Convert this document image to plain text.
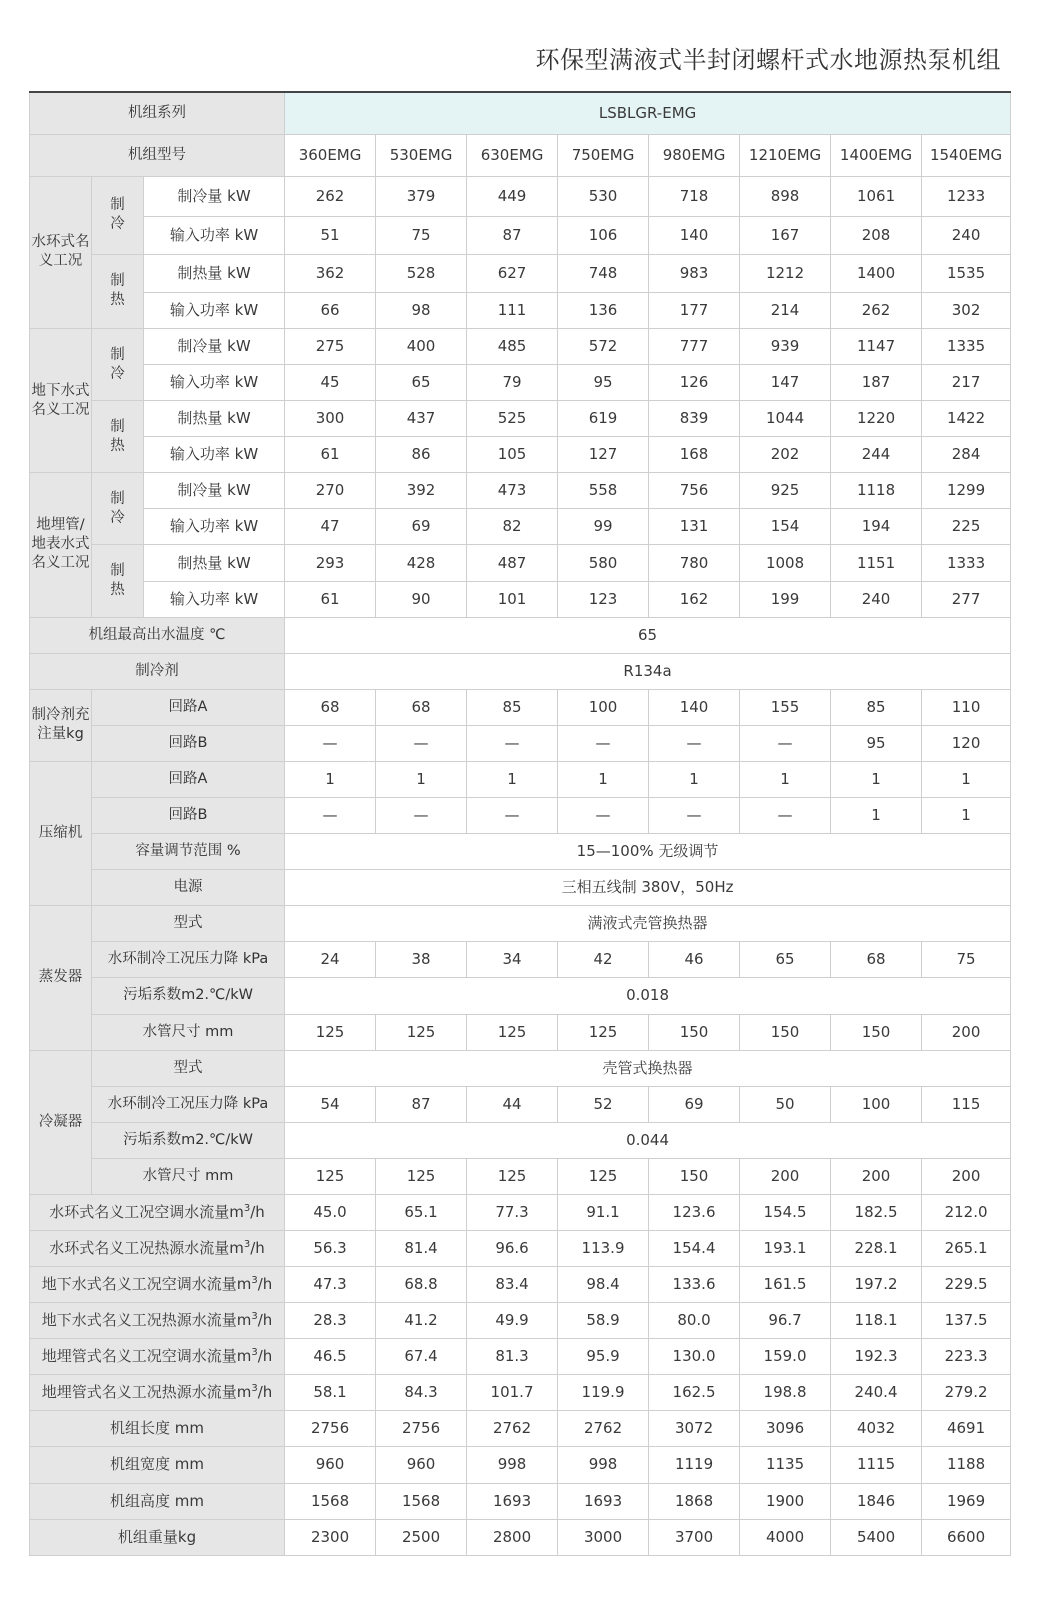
环保型满液式半封闭螺杆式水地源热泵机组
机组系列			LSBLGR-EMG							
机组型号			360EMG	530EMG	630EMG	750EMG	980EMG	1210EMG	1400EMG	1540EMG

水环式名
义工况	制
冷	制冷量 kW	262	379	449	530	718	898	1061	1233
		输入功率 kW	51	75	87	106	140	167	208	240

	制
热	制热量 kW	362	528	627	748	983	1212	1400	1535
		输入功率 kW	66	98	111	136	177	214	262	302

地下水式
名义工况	制
冷	制冷量 kW	275	400	485	572	777	939	1147	1335
		输入功率 kW	45	65	79	95	126	147	187	217

	制
热	制热量 kW	300	437	525	619	839	1044	1220	1422
		输入功率 kW	61	86	105	127	168	202	244	284

地埋管/
地表水式
名义工况	制
冷	制冷量 kW	270	392	473	558	756	925	1118	1299
		输入功率 kW	47	69	82	99	131	154	194	225

	制
热	制热量 kW	293	428	487	580	780	1008	1151	1333
		输入功率 kW	61	90	101	123	162	199	240	277
机组最高出水温度 ℃			65							
制冷剂			R134a							

制冷剂充
注量kg	回路A		68	68	85	100	140	155	85	110
	回路B		—	—	—	—	—	—	95	120

压缩机	回路A		1	1	1	1	1	1	1	1
	回路B		—	—	—	—	—	—	1	1
	容量调节范围 %		15—100% 无级调节							
	电源		三相五线制 380V，50Hz							

蒸发器	型式		满液式壳管换热器							
	水环制冷工况压力降 kPa		24	38	34	42	46	65	68	75
	污垢系数m2.℃/kW		0.018							
	水管尺寸 mm		125	125	125	125	150	150	150	200

冷凝器	型式		壳管式换热器							
	水环制冷工况压力降 kPa		54	87	44	52	69	50	100	115
	污垢系数m2.℃/kW		0.044							
	水管尺寸 mm		125	125	125	125	150	200	200	200
水环式名义工况空调水流量$m^3/h$			45.0	65.1	77.3	91.1	123.6	154.5	182.5	212.0
水环式名义工况热源水流量$m^3/h$			56.3	81.4	96.6	113.9	154.4	193.1	228.1	265.1
地下水式名义工况空调水流量$m^3/h$			47.3	68.8	83.4	98.4	133.6	161.5	197.2	229.5
地下水式名义工况热源水流量$m^3/h$			28.3	41.2	49.9	58.9	80.0	96.7	118.1	137.5
地埋管式名义工况空调水流量$m^3/h$			46.5	67.4	81.3	95.9	130.0	159.0	192.3	223.3
地埋管式名义工况热源水流量$m^3/h$			58.1	84.3	101.7	119.9	162.5	198.8	240.4	279.2
机组长度 mm			2756	2756	2762	2762	3072	3096	4032	4691
机组宽度 mm			960	960	998	998	1119	1135	1115	1188
机组高度 mm			1568	1568	1693	1693	1868	1900	1846	1969
机组重量kg			2300	2500	2800	3000	3700	4000	5400	6600
